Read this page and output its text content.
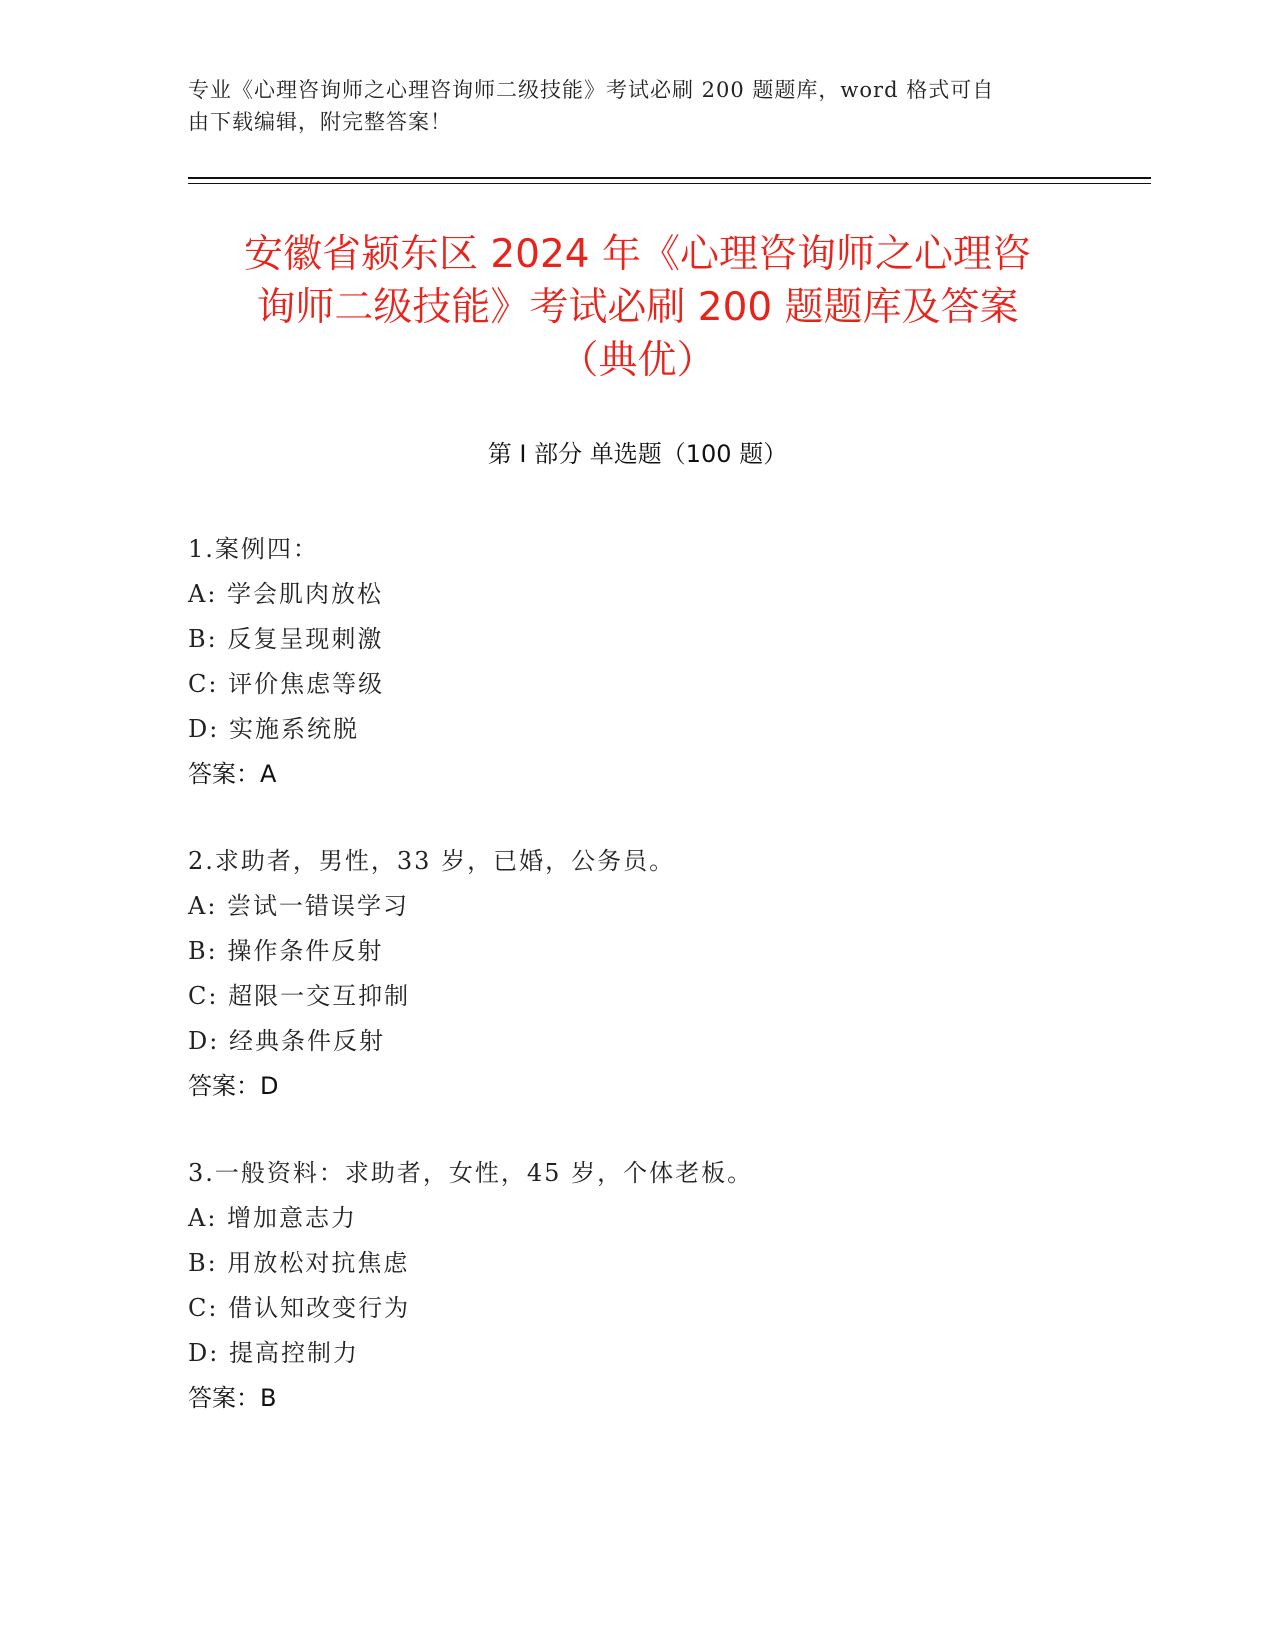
专业《心理咨询师之心理咨询师二级技能》考试必刷 200 题题库，word 格式可自
由下载编辑，附完整答案！
安徽省颍东区 2024 年《心理咨询师之心理咨
询师二级技能》考试必刷 200 题题库及答案
（典优）
第 I 部分 单选题（100 题）
1.案例四：
A: 学会肌肉放松
B: 反复呈现刺激
C: 评价焦虑等级
D: 实施系统脱
答案：A
2.求助者，男性，33 岁，已婚，公务员。
A: 尝试一错误学习
B: 操作条件反射
C: 超限一交互抑制
D: 经典条件反射
答案：D
3.一般资料：求助者，女性，45 岁，个体老板。
A: 增加意志力
B: 用放松对抗焦虑
C: 借认知改变行为
D: 提高控制力
答案：B
